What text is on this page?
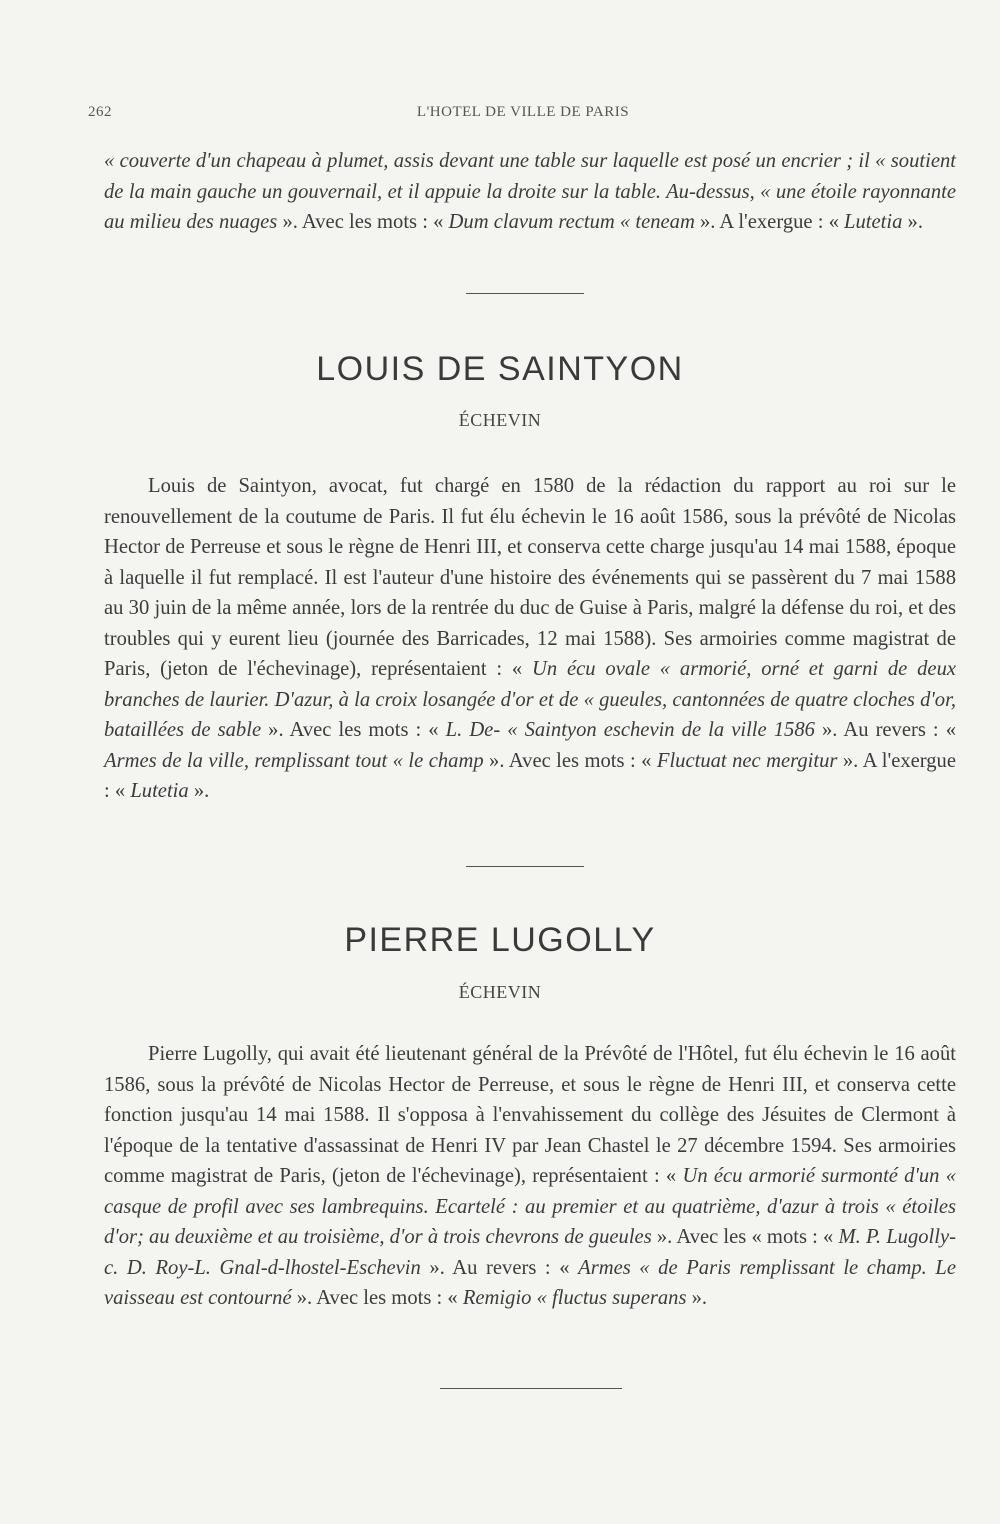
262	L'HOTEL DE VILLE DE PARIS

« couverte d'un chapeau à plumet, assis devant une table sur laquelle est posé un encrier ; il « soutient de la main gauche un gouvernail, et il appuie la droite sur la table. Au-dessus, « une étoile rayonnante au milieu des nuages ». Avec les mots : « Dum clavum rectum « teneam ». A l'exergue : « Lutetia ».

LOUIS DE SAINTYON
ÉCHEVIN

Louis de Saintyon, avocat, fut chargé en 1580 de la rédaction du rapport au roi sur le renouvellement de la coutume de Paris. Il fut élu échevin le 16 août 1586, sous la prévôté de Nicolas Hector de Perreuse et sous le règne de Henri III, et conserva cette charge jusqu'au 14 mai 1588, époque à laquelle il fut remplacé. Il est l'auteur d'une histoire des événements qui se passèrent du 7 mai 1588 au 30 juin de la même année, lors de la rentrée du duc de Guise à Paris, malgré la défense du roi, et des troubles qui y eurent lieu (journée des Barricades, 12 mai 1588). Ses armoiries comme magistrat de Paris, (jeton de l'échevinage), représentaient : « Un écu ovale « armorié, orné et garni de deux branches de laurier. D'azur, à la croix losangée d'or et de « gueules, cantonnées de quatre cloches d'or, bataillées de sable ». Avec les mots : « L. De- « Saintyon eschevin de la ville 1586 ». Au revers : « Armes de la ville, remplissant tout « le champ ». Avec les mots : « Fluctuat nec mergitur ». A l'exergue : « Lutetia ».

PIERRE LUGOLLY
ÉCHEVIN

Pierre Lugolly, qui avait été lieutenant général de la Prévôté de l'Hôtel, fut élu échevin le 16 août 1586, sous la prévôté de Nicolas Hector de Perreuse, et sous le règne de Henri III, et conserva cette fonction jusqu'au 14 mai 1588. Il s'opposa à l'envahissement du collège des Jésuites de Clermont à l'époque de la tentative d'assassinat de Henri IV par Jean Chastel le 27 décembre 1594. Ses armoiries comme magistrat de Paris, (jeton de l'échevinage), représentaient : « Un écu armorié surmonté d'un « casque de profil avec ses lambrequins. Ecartelé : au premier et au quatrième, d'azur à trois « étoiles d'or; au deuxième et au troisième, d'or à trois chevrons de gueules ». Avec les « mots : « M. P. Lugolly-c. D. Roy-L. Gnal-d-lhostel-Eschevin ». Au revers : « Armes « de Paris remplissant le champ. Le vaisseau est contourné ». Avec les mots : « Remigio « fluctus superans ».
